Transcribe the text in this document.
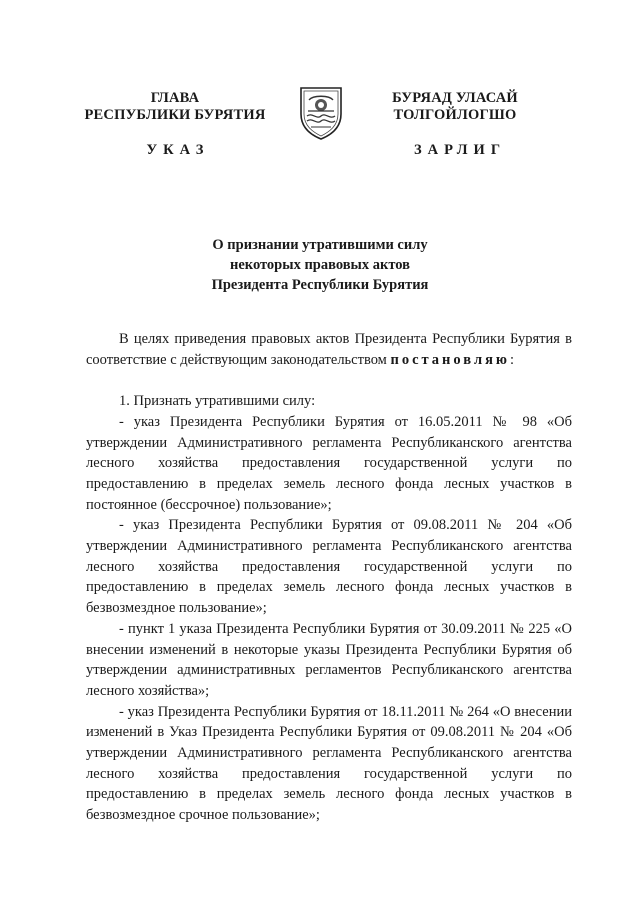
ГЛАВА
РЕСПУБЛИКИ БУРЯТИЯ
БУРЯАД УЛАСАЙ
ТОЛГОЙЛОГШО
УКАЗ	ЗАРЛИГ
О признании утратившими силу
некоторых правовых актов
Президента Республики Бурятия

В целях приведения правовых актов Президента Республики Бурятия в соответствие с действующим законодательством постановляю:

1. Признать утратившими силу:

- указ Президента Республики Бурятия от 16.05.2011 № 98 «Об утверждении Административного регламента Республиканского агентства лесного хозяйства предоставления государственной услуги по предоставлению в пределах земель лесного фонда лесных участков в постоянное (бессрочное) пользование»;

- указ Президента Республики Бурятия от 09.08.2011 № 204 «Об утверждении Административного регламента Республиканского агентства лесного хозяйства предоставления государственной услуги по предоставлению в пределах земель лесного фонда лесных участков в безвозмездное пользование»;

- пункт 1 указа Президента Республики Бурятия от 30.09.2011 № 225 «О внесении изменений в некоторые указы Президента Республики Бурятия об утверждении административных регламентов Республиканского агентства лесного хозяйства»;

- указ Президента Республики Бурятия от 18.11.2011 № 264 «О внесении изменений в Указ Президента Республики Бурятия от 09.08.2011 № 204 «Об утверждении Административного регламента Республиканского агентства лесного хозяйства предоставления государственной услуги по предоставлению в пределах земель лесного фонда лесных участков в безвозмездное срочное пользование»;
